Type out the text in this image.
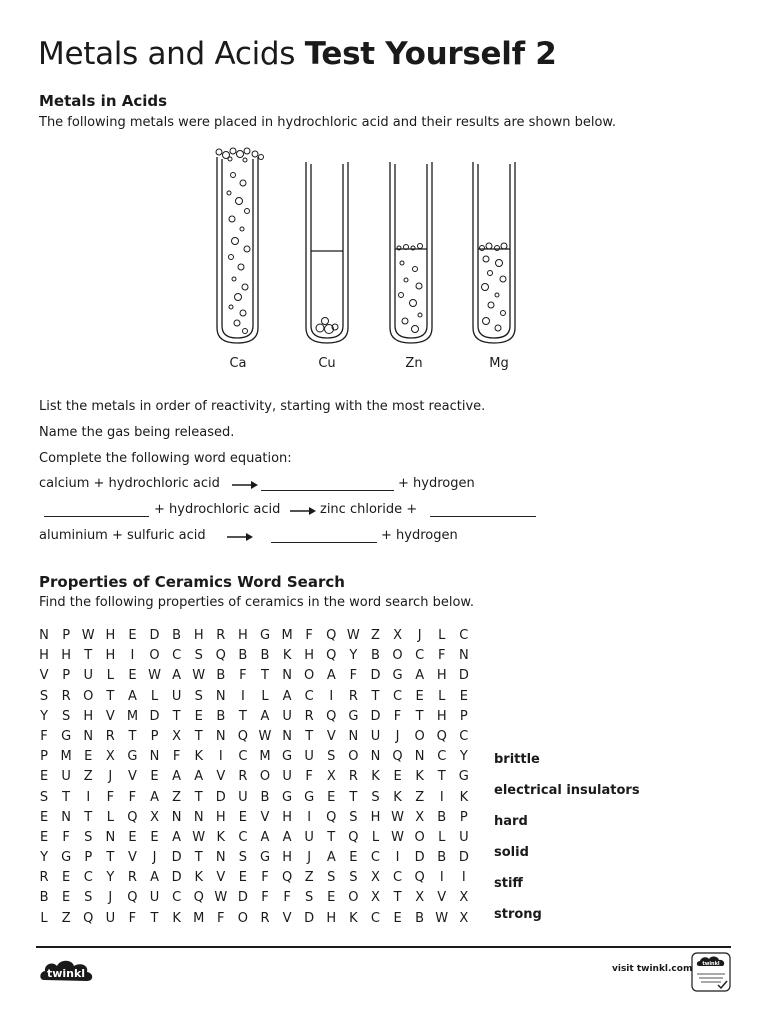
Metals and Acids Test Yourself 2
Metals in Acids
The following metals were placed in hydrochloric acid and their results are shown below.
Ca	Cu	Zn	Mg
List the metals in order of reactivity, starting with the most reactive.
Name the gas being released.
Complete the following word equation:
calcium + hydrochloric acid	+ hydrogen
+ hydrochloric acid	zinc chloride +
aluminium + sulfuric acid	+ hydrogen
Properties of Ceramics Word Search
Find the following properties of ceramics in the word search below.
N	P W H	E D B H R H G M F	Q W Z	X	J	L	C
H H	T	H	I	O C	S Q B	B	K H Q	Y	B O C	F	N
V	P	U	L	E W A W B	F	T	N O A	F	D G A H D
S	R O	T	A	L	U	S	N	I	L	A	C	I	R	T	C	E	L	E
Y	S	H V M D	T	E	B	T	A U R Q G D	F	T	H	P
F	G N R	T	P	X	T	N Q W N	T	V N U	J	O Q C
P M E	X G N	F	K	I	C M G U	S O N Q N C	Y
E	U Z	J	V	E	A	A	V	R O U	F	X	R	K	E	K	T	G
S	T	I	F	F	A	Z	T	D U B G G E	T	S	K	Z	I	K
E	N	T	L	Q X N N H	E	V H	I	Q S	H W X	B	P
E	F	S	N	E	E	A W K	C	A	A U	T	Q	L W O	L	U
Y	G	P	T	V	J	D	T	N	S G H	J	A	E	C	I	D B D
R	E	C	Y	R	A D K	V	E	F	Q Z	S	S	X	C Q	I	I
B	E	S	J	Q U C Q W D	F	F	S	E O X	T	X	V	X
L	Z Q U	F	T	K M F	O R	V D H K	C	E	B W X
brittle
electrical insulators
hard
solid
stiff
strong
twinkl	visit twinkl.com twinkl
